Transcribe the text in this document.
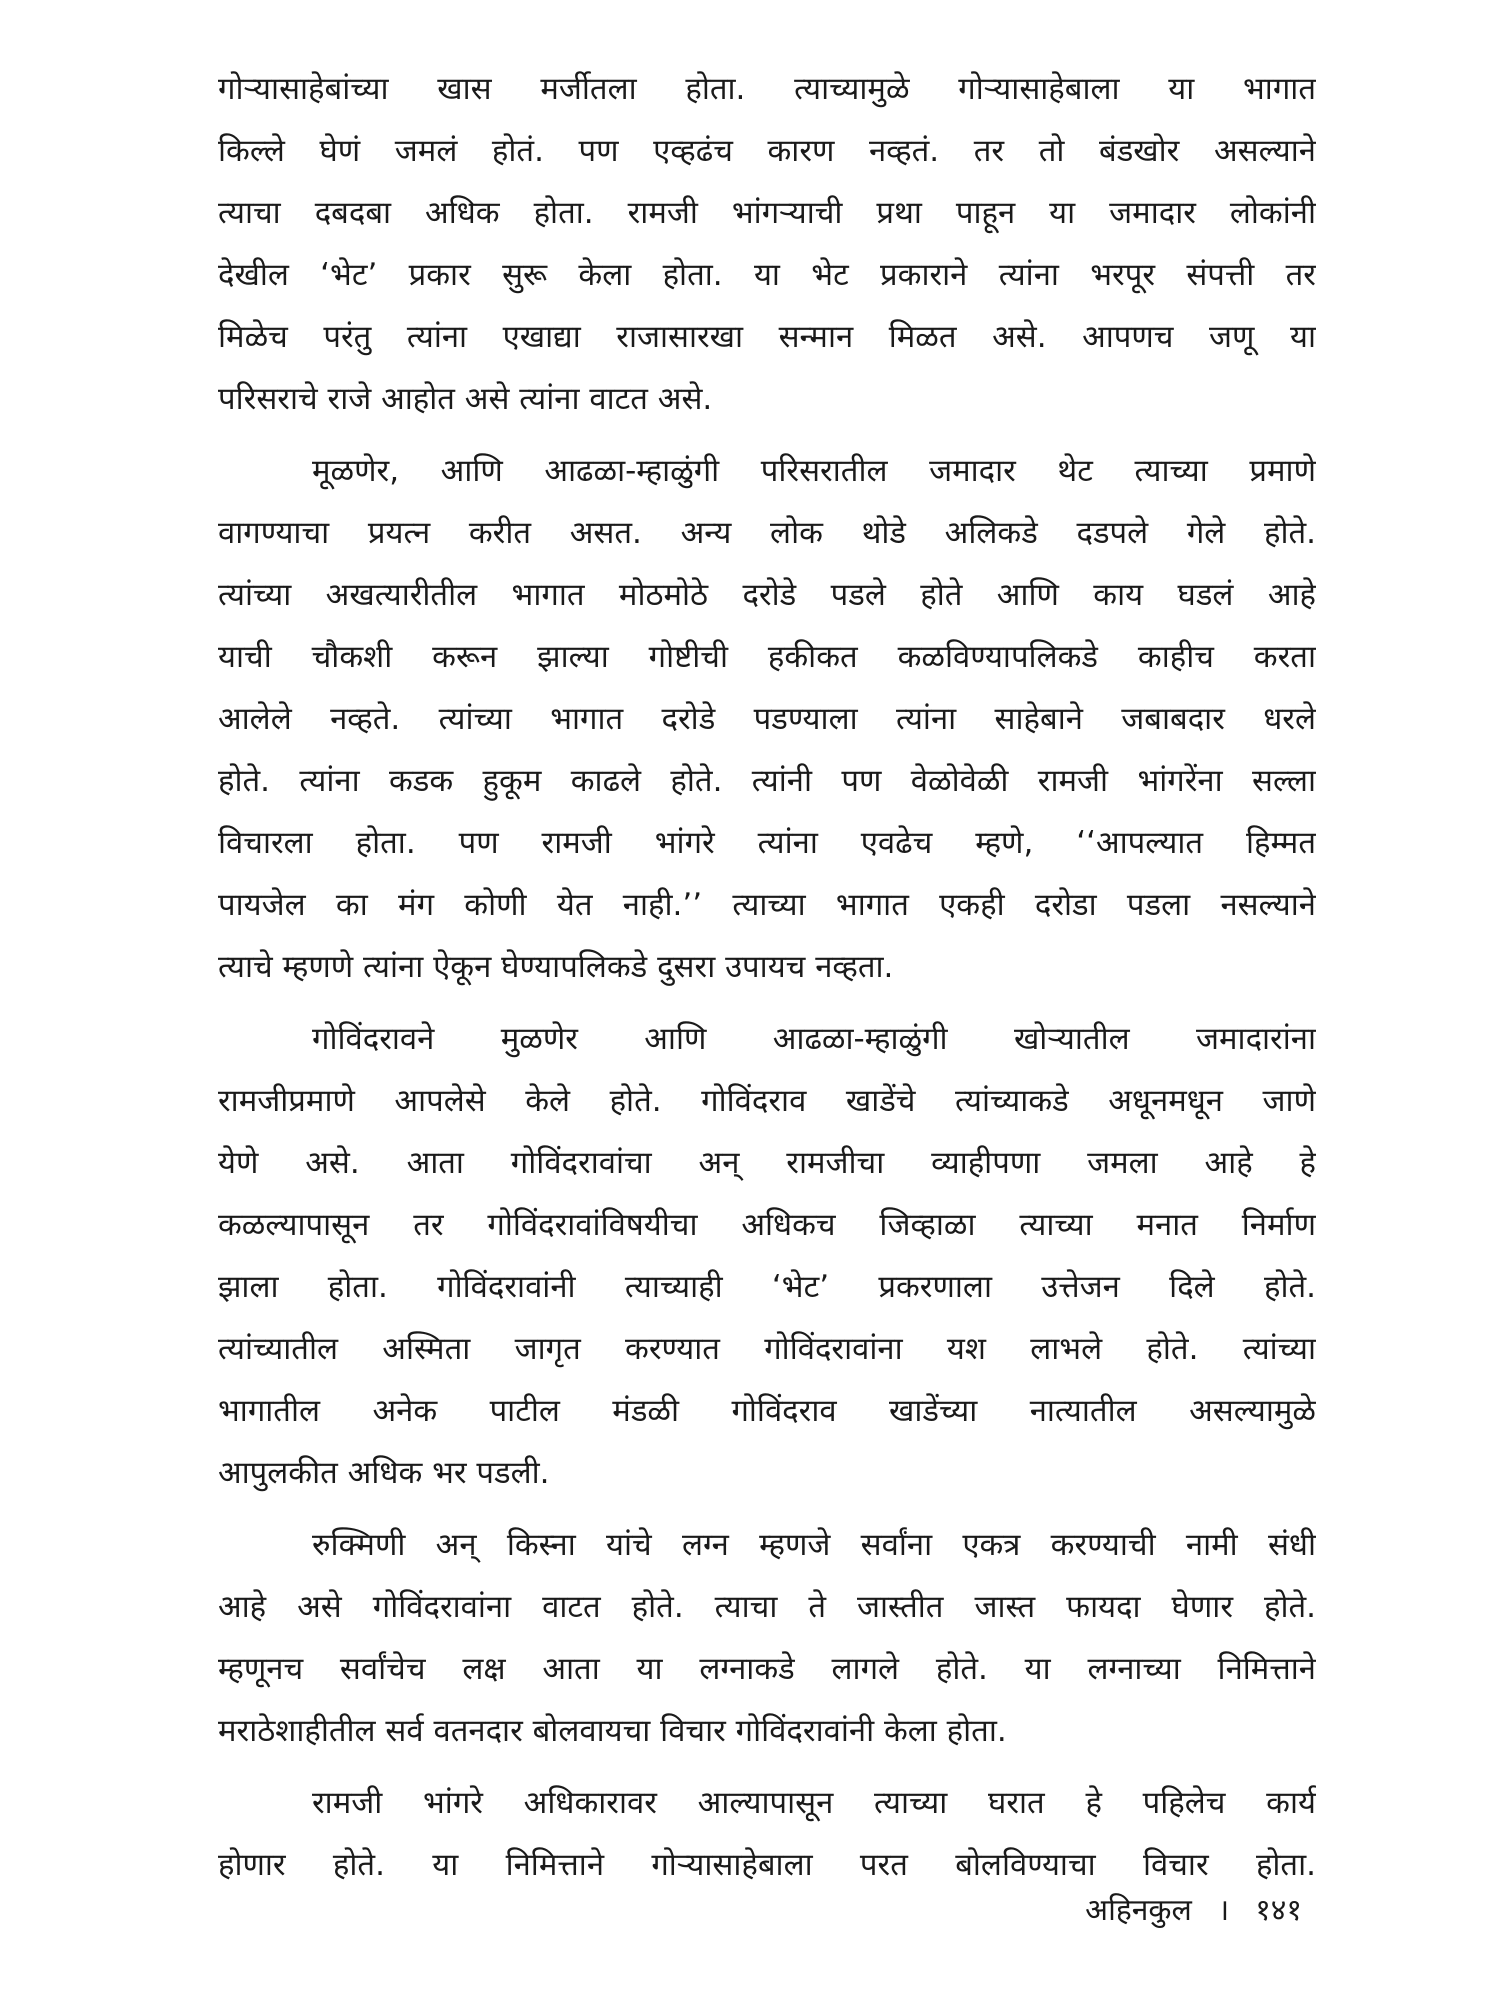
गोऱ्यासाहेबांच्या खास मर्जीतला होता. त्याच्यामुळे गोऱ्यासाहेबाला या भागात
किल्ले घेणं जमलं होतं. पण एव्हढंच कारण नव्हतं. तर तो बंडखोर असल्याने
त्याचा दबदबा अधिक होता. रामजी भांगऱ्याची प्रथा पाहून या जमादार लोकांनी
देखील ‘भेट’ प्रकार सुरू केला होता. या भेट प्रकाराने त्यांना भरपूर संपत्ती तर
मिळेच परंतु त्यांना एखाद्या राजासारखा सन्मान मिळत असे. आपणच जणू या
परिसराचे राजे आहोत असे त्यांना वाटत असे.
मूळणेर, आणि आढळा-म्हाळुंगी परिसरातील जमादार थेट त्याच्या प्रमाणे
वागण्याचा प्रयत्न करीत असत. अन्य लोक थोडे अलिकडे दडपले गेले होते.
त्यांच्या अखत्यारीतील भागात मोठमोठे दरोडे पडले होते आणि काय घडलं आहे
याची चौकशी करून झाल्या गोष्टीची हकीकत कळविण्यापलिकडे काहीच करता
आलेले नव्हते. त्यांच्या भागात दरोडे पडण्याला त्यांना साहेबाने जबाबदार धरले
होते. त्यांना कडक हुकूम काढले होते. त्यांनी पण वेळोवेळी रामजी भांगरेंना सल्ला
विचारला होता. पण रामजी भांगरे त्यांना एवढेच म्हणे, ‘‘आपल्यात हिम्मत
पायजेल का मंग कोणी येत नाही.’’ त्याच्या भागात एकही दरोडा पडला नसल्याने
त्याचे म्हणणे त्यांना ऐकून घेण्यापलिकडे दुसरा उपायच नव्हता.
गोविंदरावने मुळणेर आणि आढळा-म्हाळुंगी खोऱ्यातील जमादारांना
रामजीप्रमाणे आपलेसे केले होते. गोविंदराव खाडेंचे त्यांच्याकडे अधूनमधून जाणे
येणे असे. आता गोविंदरावांचा अन् रामजीचा व्याहीपणा जमला आहे हे
कळल्यापासून तर गोविंदरावांविषयीचा अधिकच जिव्हाळा त्याच्या मनात निर्माण
झाला होता. गोविंदरावांनी त्याच्याही ‘भेट’ प्रकरणाला उत्तेजन दिले होते.
त्यांच्यातील अस्मिता जागृत करण्यात गोविंदरावांना यश लाभले होते. त्यांच्या
भागातील अनेक पाटील मंडळी गोविंदराव खाडेंच्या नात्यातील असल्यामुळे
आपुलकीत अधिक भर पडली.
रुक्मिणी अन् किस्ना यांचे लग्न म्हणजे सर्वांना एकत्र करण्याची नामी संधी
आहे असे गोविंदरावांना वाटत होते. त्याचा ते जास्तीत जास्त फायदा घेणार होते.
म्हणूनच सर्वांचेच लक्ष आता या लग्नाकडे लागले होते. या लग्नाच्या निमित्ताने
मराठेशाहीतील सर्व वतनदार बोलवायचा विचार गोविंदरावांनी केला होता.
रामजी भांगरे अधिकारावर आल्यापासून त्याच्या घरात हे पहिलेच कार्य
होणार होते. या निमित्ताने गोऱ्यासाहेबाला परत बोलविण्याचा विचार होता.
अहिनकुल । १४१
